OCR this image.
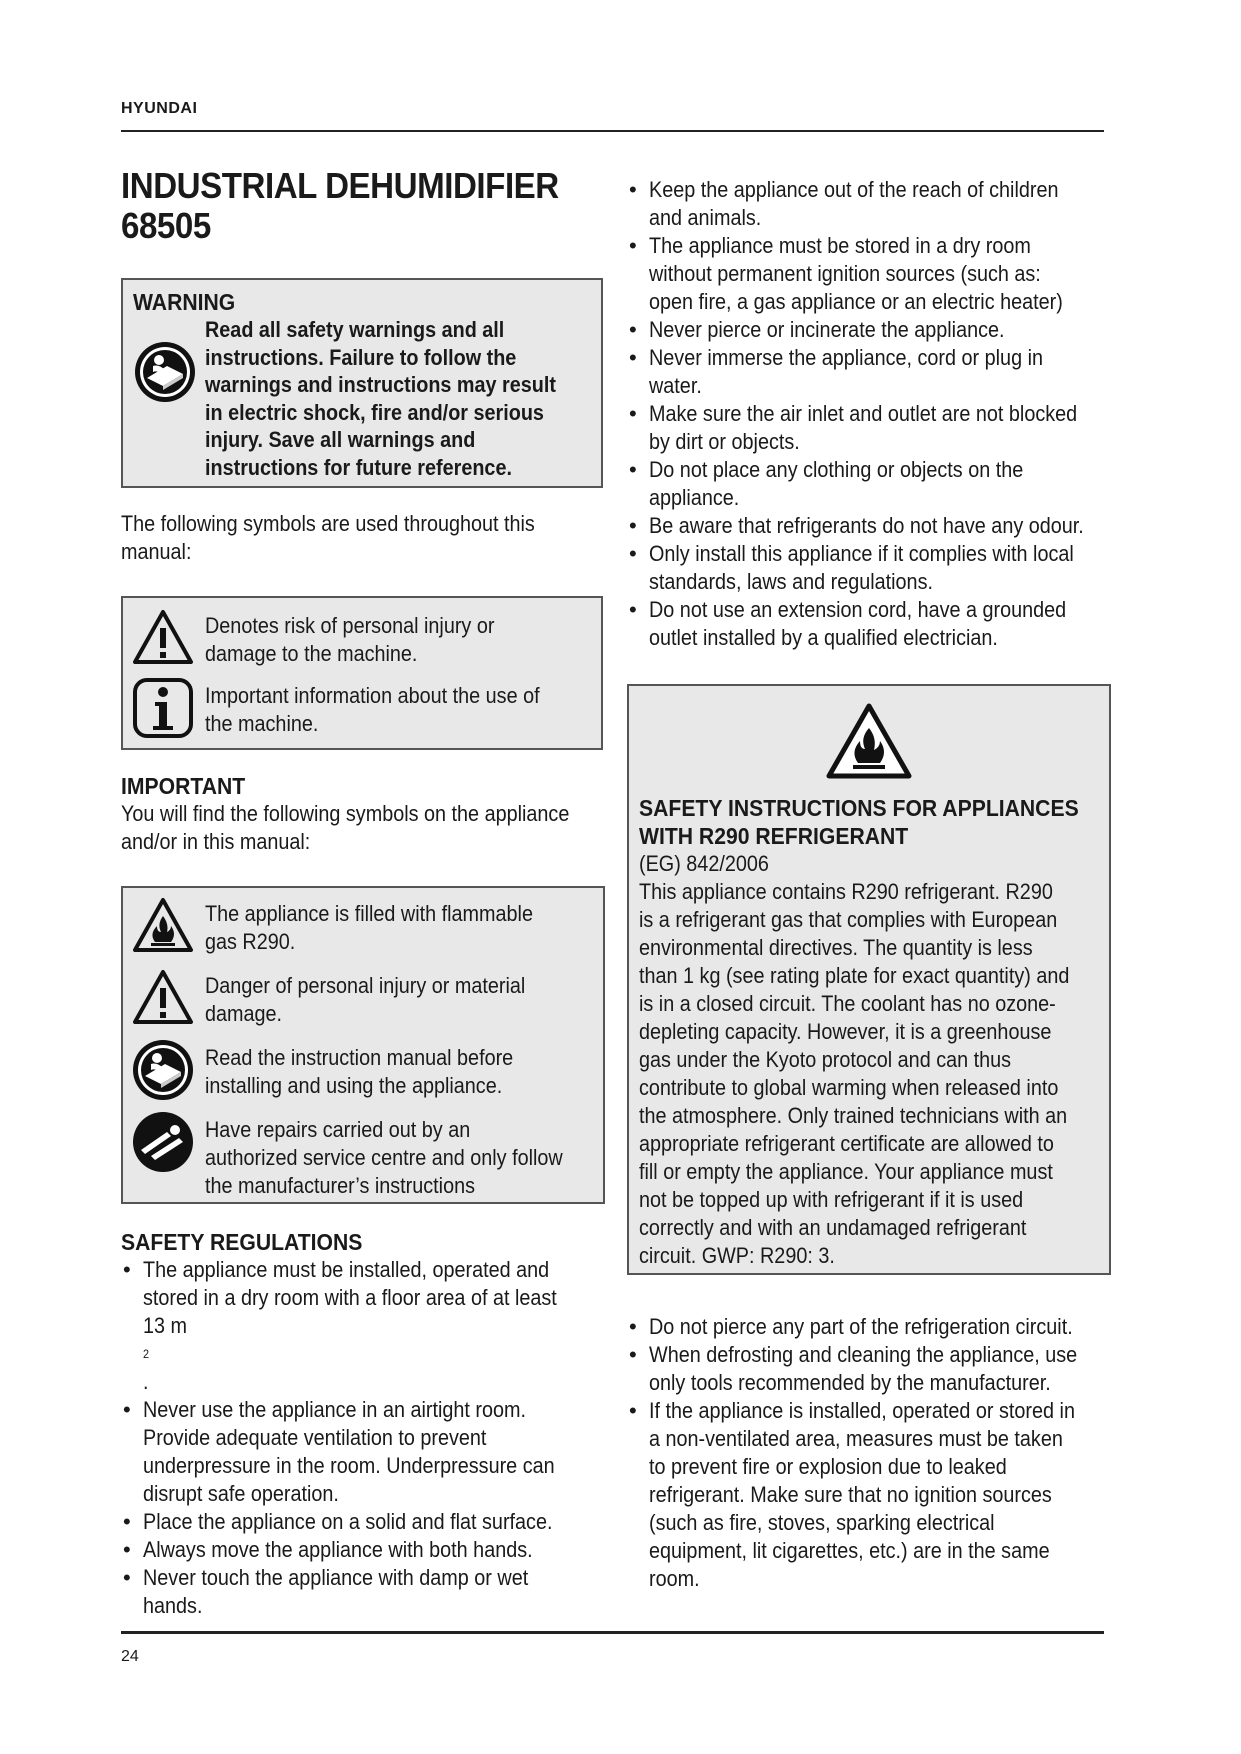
HYUNDAI
INDUSTRIAL DEHUMIDIFIER
68505
WARNING
Read all safety warnings and all
instructions. Failure to follow the
warnings and instructions may result
in electric shock, fire and/or serious
injury. Save all warnings and
instructions for future reference.

The following symbols are used throughout this
manual:

Denotes risk of personal injury or
damage to the machine.
Important information about the use of
the machine.
IMPORTANT

You will find the following symbols on the appliance
and/or in this manual:

The appliance is filled with flammable
gas R290.
Danger of personal injury or material
damage.
Read the instruction manual before
installing and using the appliance.
Have repairs carried out by an
authorized service centre and only follow
the manufacturer’s instructions
SAFETY REGULATIONS
• The appliance must be installed, operated and
stored in a dry room with a floor area of at least
13 m
2
.
• Never use the appliance in an airtight room.
Provide adequate ventilation to prevent
underpressure in the room. Underpressure can
disrupt safe operation.
• Place the appliance on a solid and flat surface.
• Always move the appliance with both hands.
• Never touch the appliance with damp or wet
hands.
• Keep the appliance out of the reach of children
and animals.
• The appliance must be stored in a dry room
without permanent ignition sources (such as:
open fire, a gas appliance or an electric heater)
• Never pierce or incinerate the appliance.
• Never immerse the appliance, cord or plug in
water.
• Make sure the air inlet and outlet are not blocked
by dirt or objects.
• Do not place any clothing or objects on the
appliance.
• Be aware that refrigerants do not have any odour.
• Only install this appliance if it complies with local
standards, laws and regulations.
• Do not use an extension cord, have a grounded
outlet installed by a qualified electrician.
SAFETY INSTRUCTIONS FOR APPLIANCES
WITH R290 REFRIGERANT
(EG) 842/2006
This appliance contains R290 refrigerant. R290
is a refrigerant gas that complies with European
environmental directives. The quantity is less
than 1 kg (see rating plate for exact quantity) and
is in a closed circuit. The coolant has no ozone-
depleting capacity. However, it is a greenhouse
gas under the Kyoto protocol and can thus
contribute to global warming when released into
the atmosphere. Only trained technicians with an
appropriate refrigerant certificate are allowed to
fill or empty the appliance. Your appliance must
not be topped up with refrigerant if it is used
correctly and with an undamaged refrigerant
circuit. GWP: R290: 3.
• Do not pierce any part of the refrigeration circuit.
• When defrosting and cleaning the appliance, use
only tools recommended by the manufacturer.
• If the appliance is installed, operated or stored in
a non-ventilated area, measures must be taken
to prevent fire or explosion due to leaked
refrigerant. Make sure that no ignition sources
(such as fire, stoves, sparking electrical
equipment, lit cigarettes, etc.) are in the same
room.
24
